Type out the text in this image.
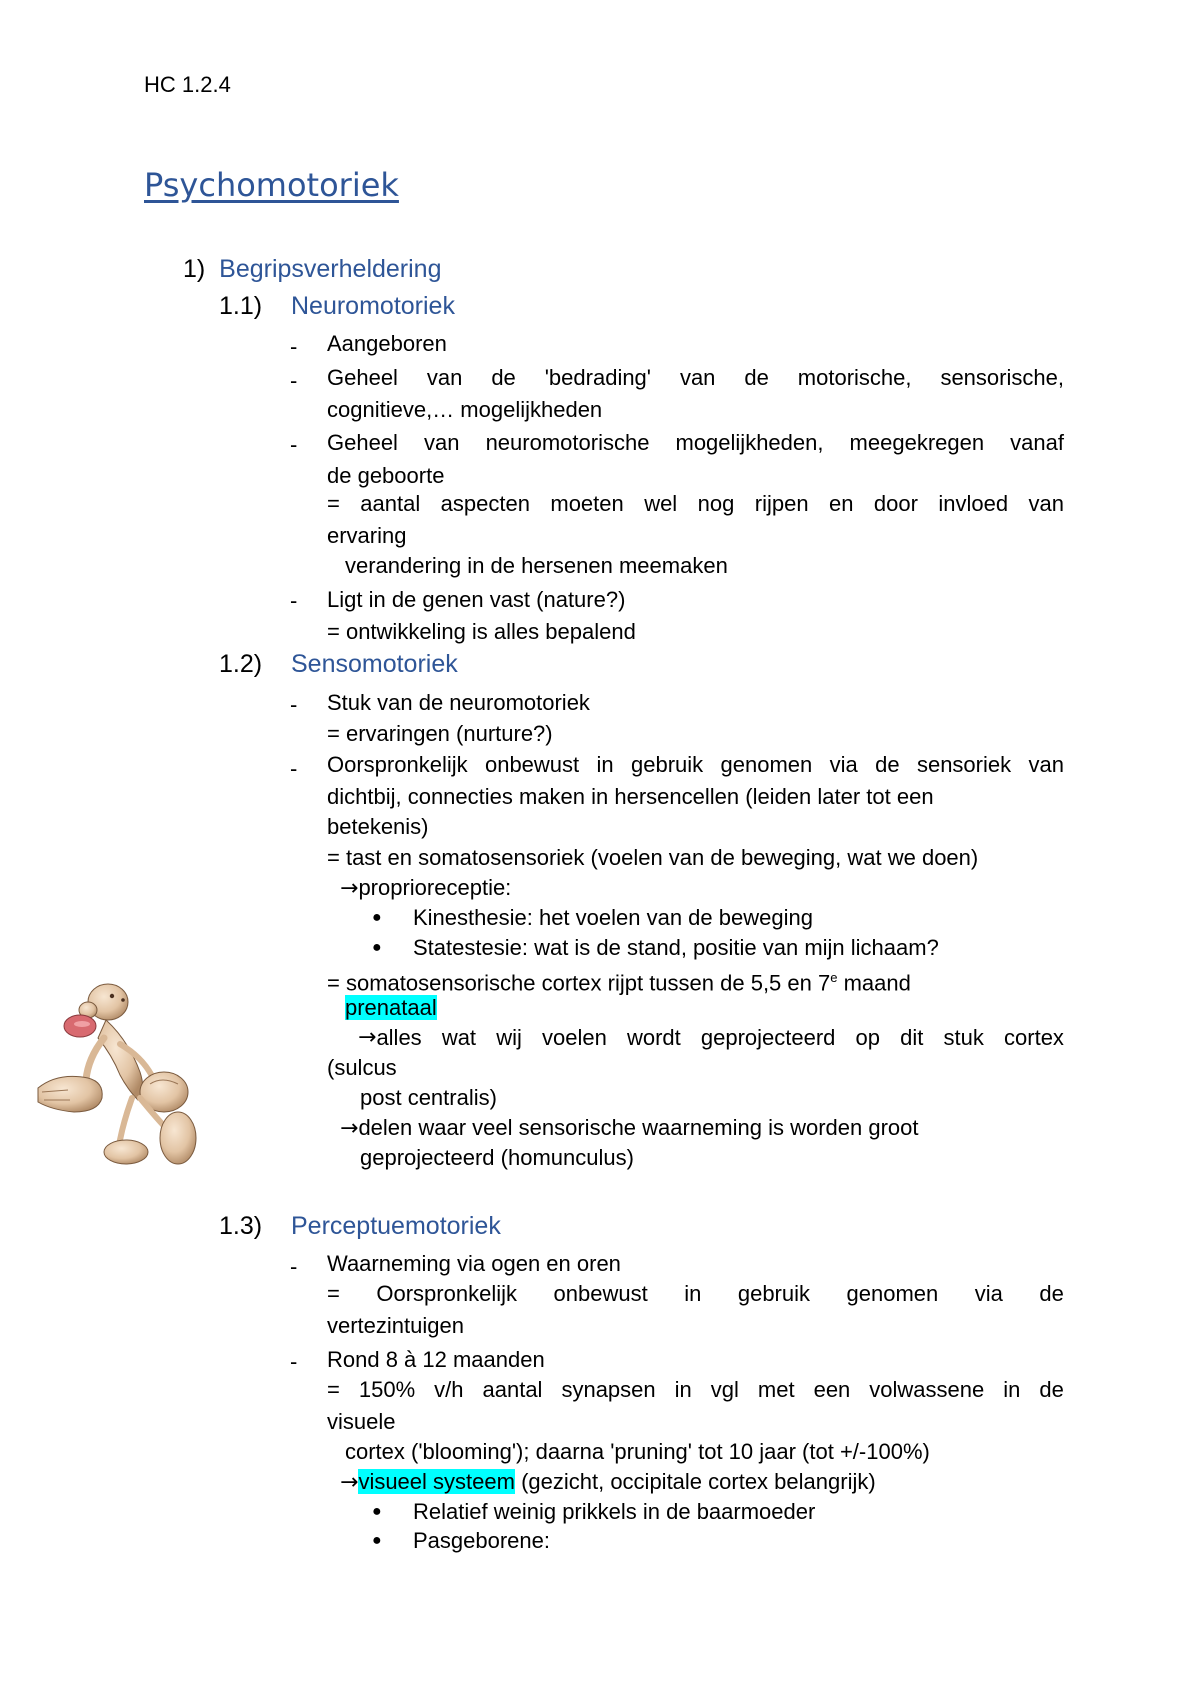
HC 1.2.4
Psychomotoriek
1) Begripsverheldering
1.1) Neuromotoriek
- Aangeboren
- Geheel van de 'bedrading' van de motorische, sensorische,
cognitieve,… mogelijkheden
- Geheel van neuromotorische mogelijkheden, meegekregen vanaf
de geboorte
= aantal aspecten moeten wel nog rijpen en door invloed van
ervaring
verandering in de hersenen meemaken
- Ligt in de genen vast (nature?)
= ontwikkeling is alles bepalend
1.2) Sensomotoriek
- Stuk van de neuromotoriek
= ervaringen (nurture?)
- Oorspronkelijk onbewust in gebruik genomen via de sensoriek van
dichtbij, connecties maken in hersencellen (leiden later tot een
betekenis)
= tast en somatosensoriek (voelen van de beweging, wat we doen)
→proprioreceptie:
● Kinesthesie: het voelen van de beweging
● Statestesie: wat is de stand, positie van mijn lichaam?
= somatosensorische cortex rijpt tussen de 5,5 en 7e maand
prenataal
→ alles wat wij voelen wordt geprojecteerd op dit stuk cortex
(sulcus
post centralis)
→delen waar veel sensorische waarneming is worden groot
geprojecteerd (homunculus)
1.3) Perceptuemotoriek
- Waarneming via ogen en oren
= Oorspronkelijk onbewust in gebruik genomen via de
vertezintuigen
- Rond 8 à 12 maanden
= 150% v/h aantal synapsen in vgl met een volwassene in de
visuele
cortex ('blooming'); daarna 'pruning' tot 10 jaar (tot +/-100%)
→visueel systeem (gezicht, occipitale cortex belangrijk)
● Relatief weinig prikkels in de baarmoeder
● Pasgeborene:
